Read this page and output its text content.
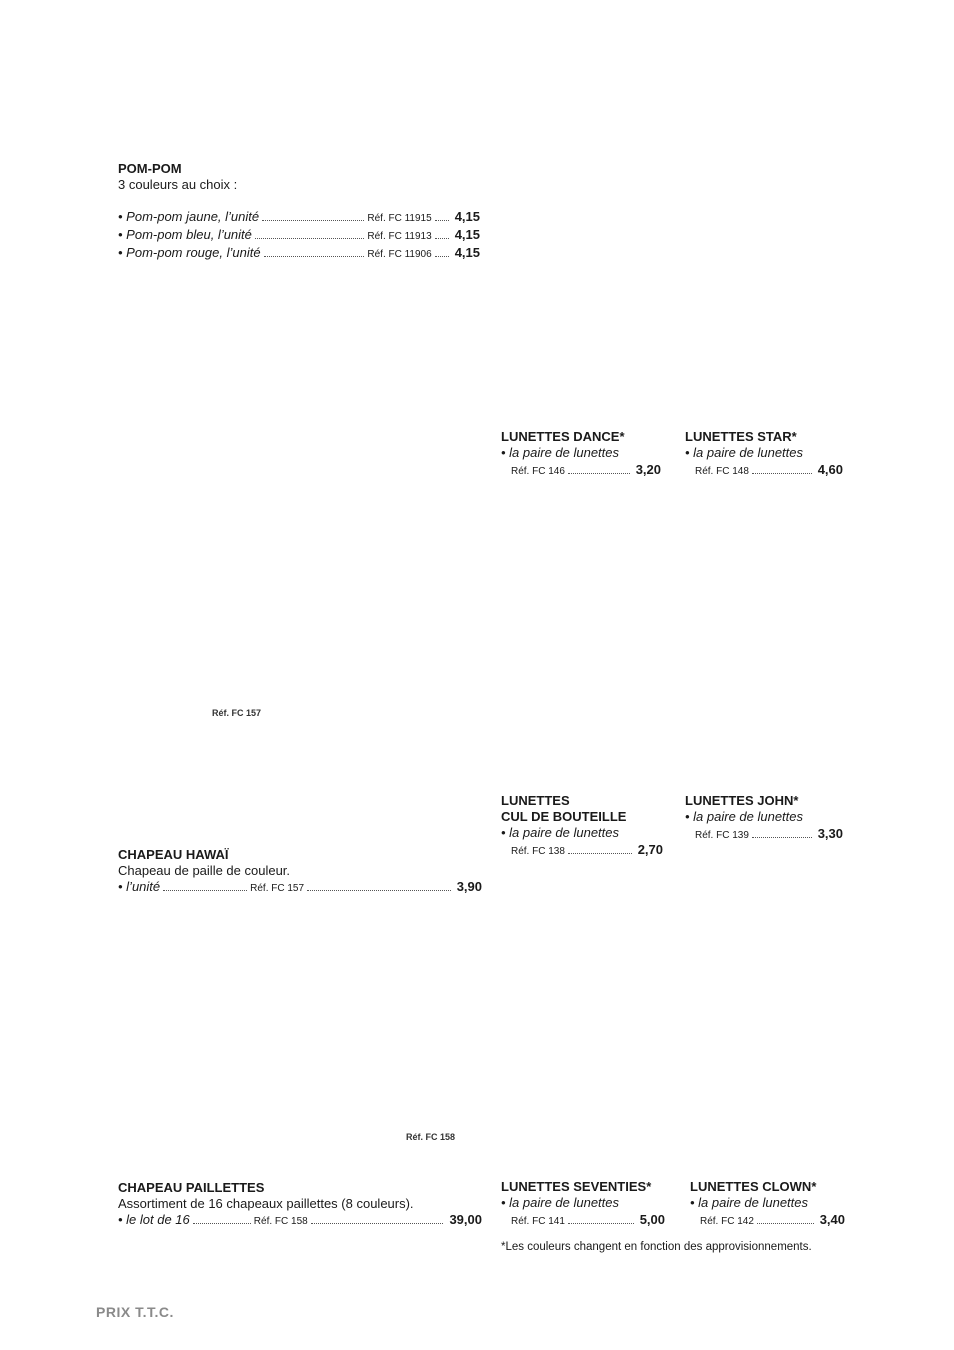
POM-POM
3 couleurs au choix :
• Pom-pom jaune, l’unité	Réf. FC 11915 4,15
• Pom-pom bleu, l’unité	Réf. FC 11913 4,15
• Pom-pom rouge, l’unité	Réf. FC 11906 4,15
LUNETTES DANCE*
• la paire de lunettes
Réf. FC 146	3,20
LUNETTES STAR*
• la paire de lunettes
Réf. FC 148	4,60
Réf. FC 157
LUNETTES
CUL DE BOUTEILLE
• la paire de lunettes
Réf. FC 138	2,70
LUNETTES JOHN*
• la paire de lunettes
Réf. FC 139	3,30
CHAPEAU HAWAÏ
Chapeau de paille de couleur.
• l’unité	Réf. FC 157	3,90
Réf. FC 158
CHAPEAU PAILLETTES
Assortiment de 16 chapeaux paillettes (8 couleurs).
• le lot de 16	Réf. FC 158	39,00
LUNETTES SEVENTIES*
• la paire de lunettes
Réf. FC 141	5,00
LUNETTES CLOWN*
• la paire de lunettes
Réf. FC 142	3,40
*Les couleurs changent en fonction des approvisionnements.
PRIX T.T.C.
